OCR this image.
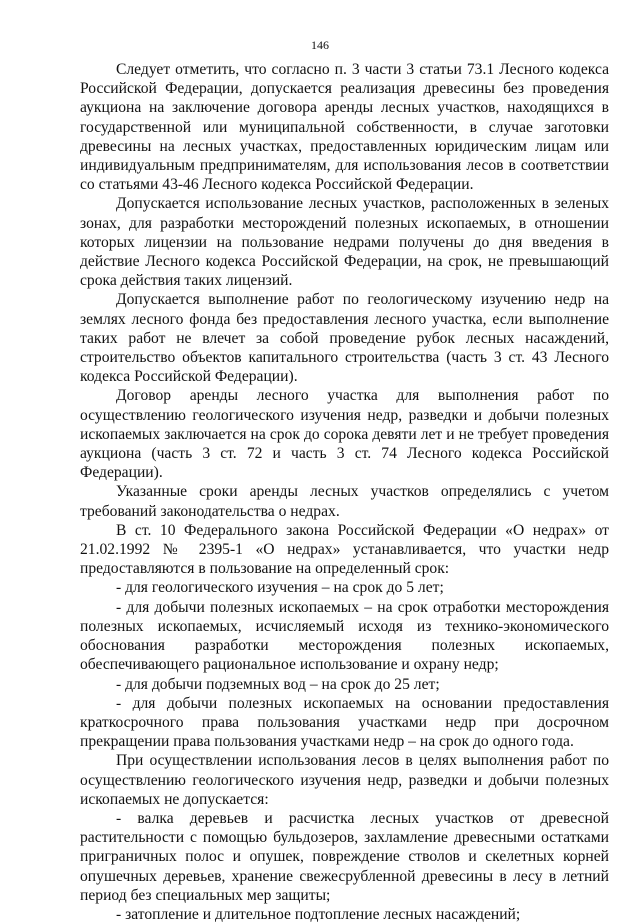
146

Следует отметить, что согласно п. 3 части 3 статьи 73.1 Лесного кодекса Российской Федерации, допускается реализация древесины без проведения аукциона на заключение договора аренды лесных участков, находящихся в государственной или муниципальной собственности, в случае заготовки древесины на лесных участках, предоставленных юридическим лицам или индивидуальным предпринимателям, для использования лесов в соответствии со статьями 43-46 Лесного кодекса Российской Федерации.

Допускается использование лесных участков, расположенных в зеленых зонах, для разработки месторождений полезных ископаемых, в отношении которых лицензии на пользование недрами получены до дня введения в действие Лесного кодекса Российской Федерации, на срок, не превышающий срока действия таких лицензий.

Допускается выполнение работ по геологическому изучению недр на землях лесного фонда без предоставления лесного участка, если выполнение таких работ не влечет за собой проведение рубок лесных насаждений, строительство объектов капитального строительства (часть 3 ст. 43 Лесного кодекса Российской Федерации).

Договор аренды лесного участка для выполнения работ по осуществлению геологического изучения недр, разведки и добычи полезных ископаемых заключается на срок до сорока девяти лет и не требует проведения аукциона (часть 3 ст. 72 и часть 3 ст. 74 Лесного кодекса Российской Федерации).

Указанные сроки аренды лесных участков определялись с учетом требований законодательства о недрах.

В ст. 10 Федерального закона Российской Федерации «О недрах» от 21.02.1992 № 2395-1 «О недрах» устанавливается, что участки недр предоставляются в пользование на определенный срок:

- для геологического изучения – на срок до 5 лет;

- для добычи полезных ископаемых – на срок отработки месторождения полезных ископаемых, исчисляемый исходя из технико-экономического обоснования разработки месторождения полезных ископаемых, обеспечивающего рациональное использование и охрану недр;

- для добычи подземных вод – на срок до 25 лет;

- для добычи полезных ископаемых на основании предоставления краткосрочного права пользования участками недр при досрочном прекращении права пользования участками недр – на срок до одного года.

При осуществлении использования лесов в целях выполнения работ по осуществлению геологического изучения недр, разведки и добычи полезных ископаемых не допускается:

- валка деревьев и расчистка лесных участков от древесной растительности с помощью бульдозеров, захламление древесными остатками приграничных полос и опушек, повреждение стволов и скелетных корней опушечных деревьев, хранение свежесрубленной древесины в лесу в летний период без специальных мер защиты;

- затопление и длительное подтопление лесных насаждений;
